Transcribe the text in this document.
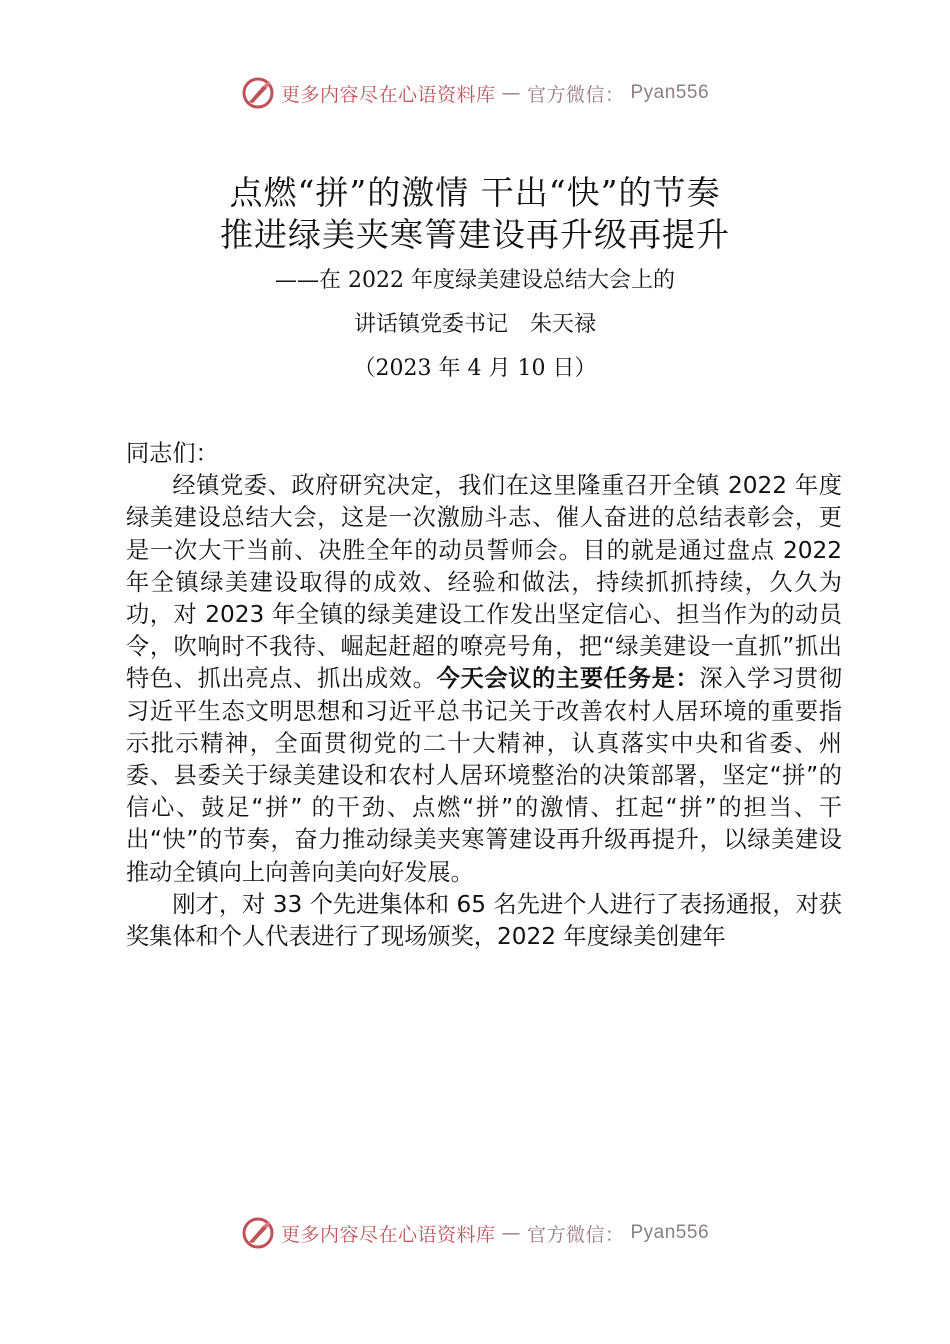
更多内容尽在心语资料库 — 官方微信： Pyan556
点燃“拼”的激情 干出“快”的节奏
推进绿美夹寒箐建设再升级再提升
——在 2022 年度绿美建设总结大会上的
讲话镇党委书记　朱天禄
（2023 年 4 月 10 日）

同志们：

经镇党委、政府研究决定，我们在这里隆重召开全镇 2022 年度绿美建设总结大会，这是一次激励斗志、催人奋进的总结表彰会，更是一次大干当前、决胜全年的动员誓师会。目的就是通过盘点 2022 年全镇绿美建设取得的成效、经验和做法，持续抓抓持续，久久为功，对 2023 年全镇的绿美建设工作发出坚定信心、担当作为的动员令，吹响时不我待、崛起赶超的嘹亮号角，把“绿美建设一直抓”抓出特色、抓出亮点、抓出成效。今天会议的主要任务是：深入学习贯彻习近平生态文明思想和习近平总书记关于改善农村人居环境的重要指示批示精神，全面贯彻党的二十大精神，认真落实中央和省委、州委、县委关于绿美建设和农村人居环境整治的决策部署，坚定“拼”的信心、鼓足“拼” 的干劲、点燃“拼”的激情、扛起“拼”的担当、干出“快”的节奏，奋力推动绿美夹寒箐建设再升级再提升，以绿美建设推动全镇向上向善向美向好发展。

刚才，对 33 个先进集体和 65 名先进个人进行了表扬通报，对获奖集体和个人代表进行了现场颁奖，2022 年度绿美创建年

更多内容尽在心语资料库 — 官方微信： Pyan556
